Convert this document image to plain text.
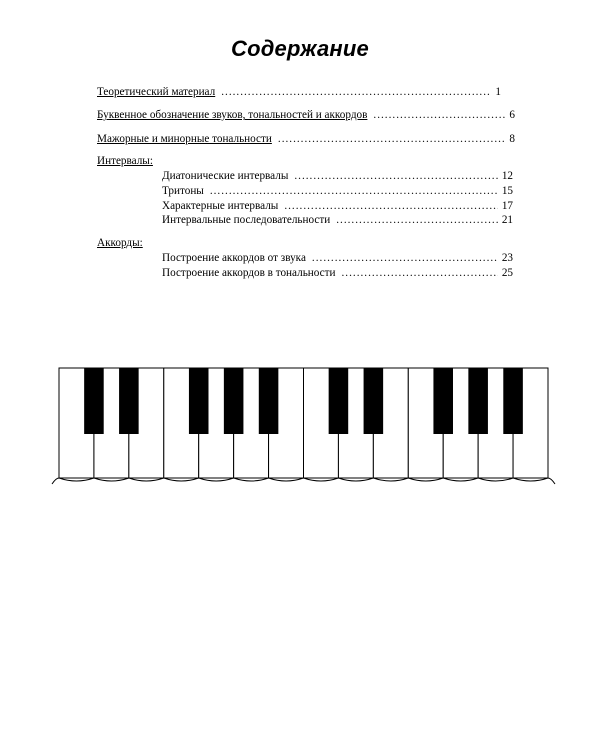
Содержание
Теоретический материал .....	1
Буквенное обозначение звуков, тональностей и аккордов .....	6
Мажорные и минорные тональности .....	8
Интервалы:
Диатонические интервалы .....	12
Тритоны .....	15
Характерные интервалы .....	17
Интервальные последовательности .....	21
Аккорды:
Построение аккордов от звука .....	23
Построение аккордов в тональности .....	25
